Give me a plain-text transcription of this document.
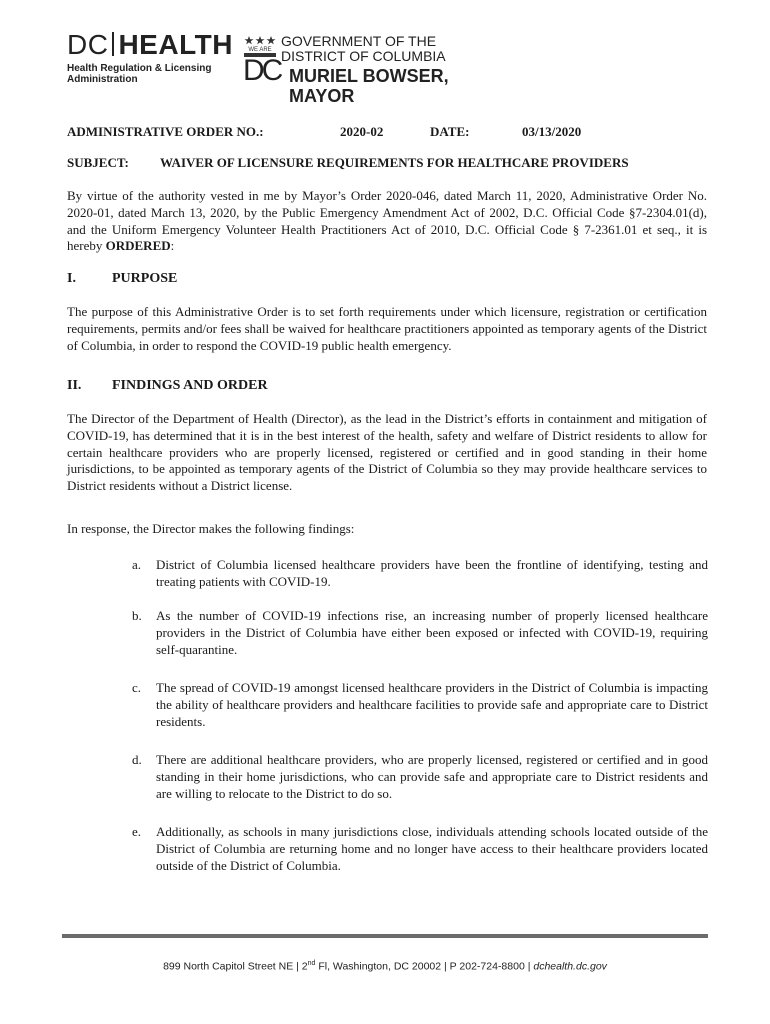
DC HEALTH
Health Regulation & Licensing
Administration
WE ARE
DC
GOVERNMENT OF THE
DISTRICT OF COLUMBIA
MURIEL BOWSER, MAYOR
ADMINISTRATIVE ORDER NO.:	2020-02	DATE:	03/13/2020
SUBJECT: WAIVER OF LICENSURE REQUIREMENTS FOR HEALTHCARE PROVIDERS

By virtue of the authority vested in me by Mayor’s Order 2020-046, dated March 11, 2020, Administrative Order No. 2020-01, dated March 13, 2020, by the Public Emergency Amendment Act of 2002, D.C. Official Code §7-2304.01(d), and the Uniform Emergency Volunteer Health Practitioners Act of 2010, D.C. Official Code § 7-2361.01 et seq., it is hereby ORDERED:

I.	PURPOSE

The purpose of this Administrative Order is to set forth requirements under which licensure, registration or certification requirements, permits and/or fees shall be waived for healthcare practitioners appointed as temporary agents of the District of Columbia, in order to respond the COVID-19 public health emergency.

II. FINDINGS AND ORDER

The Director of the Department of Health (Director), as the lead in the District’s efforts in containment and mitigation of COVID-19, has determined that it is in the best interest of the health, safety and welfare of District residents to allow for certain healthcare providers who are properly licensed, registered or certified and in good standing in their home jurisdictions, to be appointed as temporary agents of the District of Columbia so they may provide healthcare services to District residents without a District license.

In response, the Director makes the following findings:

a. District of Columbia licensed healthcare providers have been the frontline of identifying, testing and treating patients with COVID-19.
b. As the number of COVID-19 infections rise, an increasing number of properly licensed healthcare providers in the District of Columbia have either been exposed or infected with COVID-19, requiring self-quarantine.
c. The spread of COVID-19 amongst licensed healthcare providers in the District of Columbia is impacting the ability of healthcare providers and healthcare facilities to provide safe and appropriate care to District residents.
d. There are additional healthcare providers, who are properly licensed, registered or certified and in good standing in their home jurisdictions, who can provide safe and appropriate care to District residents and are willing to relocate to the District to do so.
e. Additionally, as schools in many jurisdictions close, individuals attending schools located outside of the District of Columbia are returning home and no longer have access to their healthcare providers located outside of the District of Columbia.
899 North Capitol Street NE | 2nd Fl, Washington, DC 20002 | P 202-724-8800 | dchealth.dc.gov
